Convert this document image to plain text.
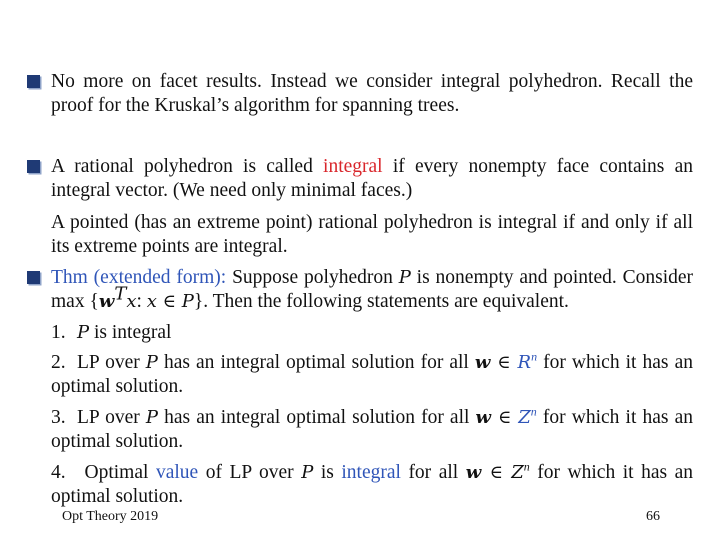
No more on facet results. Instead we consider integral polyhedron. Recall the proof for the Kruskal’s algorithm for spanning trees.
A rational polyhedron is called integral if every nonempty face contains an integral vector. (We need only minimal faces.)
A pointed (has an extreme point) rational polyhedron is integral if and only if all its extreme points are integral.
Thm (extended form): Suppose polyhedron P is nonempty and pointed. Consider $\max \{w^Tx$: x ∈ P}. Then the following statements are equivalent.
1. P is integral
2. LP over P has an integral optimal solution for all w ∈ $R^n$ for which it has an optimal solution.
3. LP over P has an integral optimal solution for all w ∈ $Z^n$ for which it has an optimal solution.
4. Optimal value of LP over P is integral for all w ∈ $Z^n$ for which it has an optimal solution.
Opt Theory 2019	66
